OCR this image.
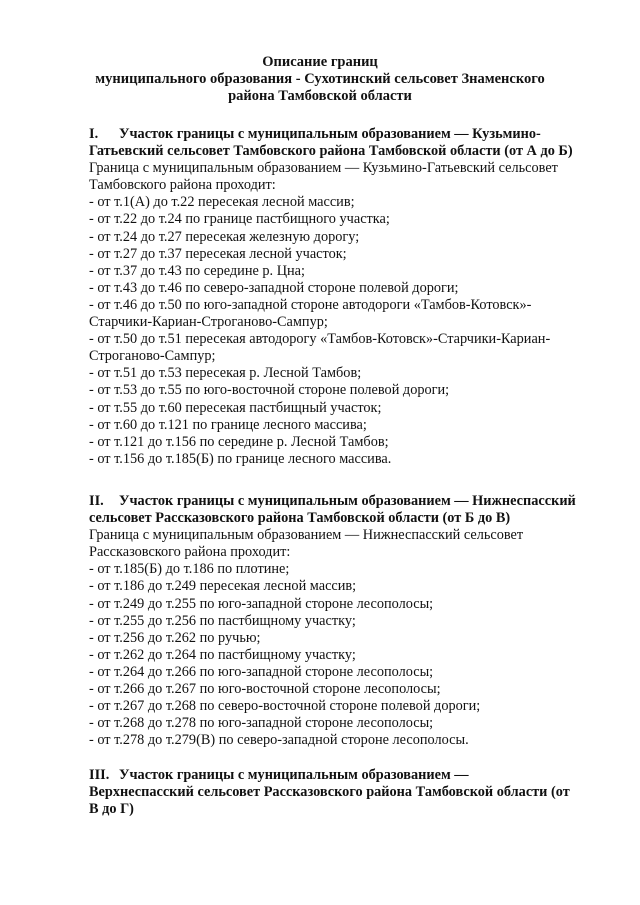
Описание границ
муниципального образования - Сухотинский сельсовет Знаменского
района Тамбовской области
I. Участок границы с муниципальным образованием — Кузьмино-
Гатьевский сельсовет Тамбовского района Тамбовской области (от А до Б)
Граница с муниципальным образованием — Кузьмино-Гатьевский сельсовет
Тамбовского района проходит:
- от т.1(А) до т.22 пересекая лесной массив;
- от т.22 до т.24 по границе пастбищного участка;
- от т.24 до т.27 пересекая железную дорогу;
- от т.27 до т.37 пересекая лесной участок;
- от т.37 до т.43 по середине р. Цна;
- от т.43 до т.46 по северо-западной стороне полевой дороги;
- от т.46 до т.50 по юго-западной стороне автодороги «Тамбов-Котовск»-
Старчики-Кариан-Строганово-Сампур;
- от т.50 до т.51 пересекая автодорогу «Тамбов-Котовск»-Старчики-Кариан-
Строганово-Сампур;
- от т.51 до т.53 пересекая р. Лесной Тамбов;
- от т.53 до т.55 по юго-восточной стороне полевой дороги;
- от т.55 до т.60 пересекая пастбищный участок;
- от т.60 до т.121 по границе лесного массива;
- от т.121 до т.156 по середине р. Лесной Тамбов;
- от т.156 до т.185(Б) по границе лесного массива.
II. Участок границы с муниципальным образованием — Нижнеспасский
сельсовет Рассказовского района Тамбовской области (от Б до В)
Граница с муниципальным образованием — Нижнеспасский сельсовет
Рассказовского района проходит:
- от т.185(Б) до т.186 по плотине;
- от т.186 до т.249 пересекая лесной массив;
- от т.249 до т.255 по юго-западной стороне лесополосы;
- от т.255 до т.256 по пастбищному участку;
- от т.256 до т.262 по ручью;
- от т.262 до т.264 по пастбищному участку;
- от т.264 до т.266 по юго-западной стороне лесополосы;
- от т.266 до т.267 по юго-восточной стороне лесополосы;
- от т.267 до т.268 по северо-восточной стороне полевой дороги;
- от т.268 до т.278 по юго-западной стороне лесополосы;
- от т.278 до т.279(В) по северо-западной стороне лесополосы.
III. Участок границы с муниципальным образованием —
Верхнеспасский сельсовет Рассказовского района Тамбовской области (от
В до Г)
